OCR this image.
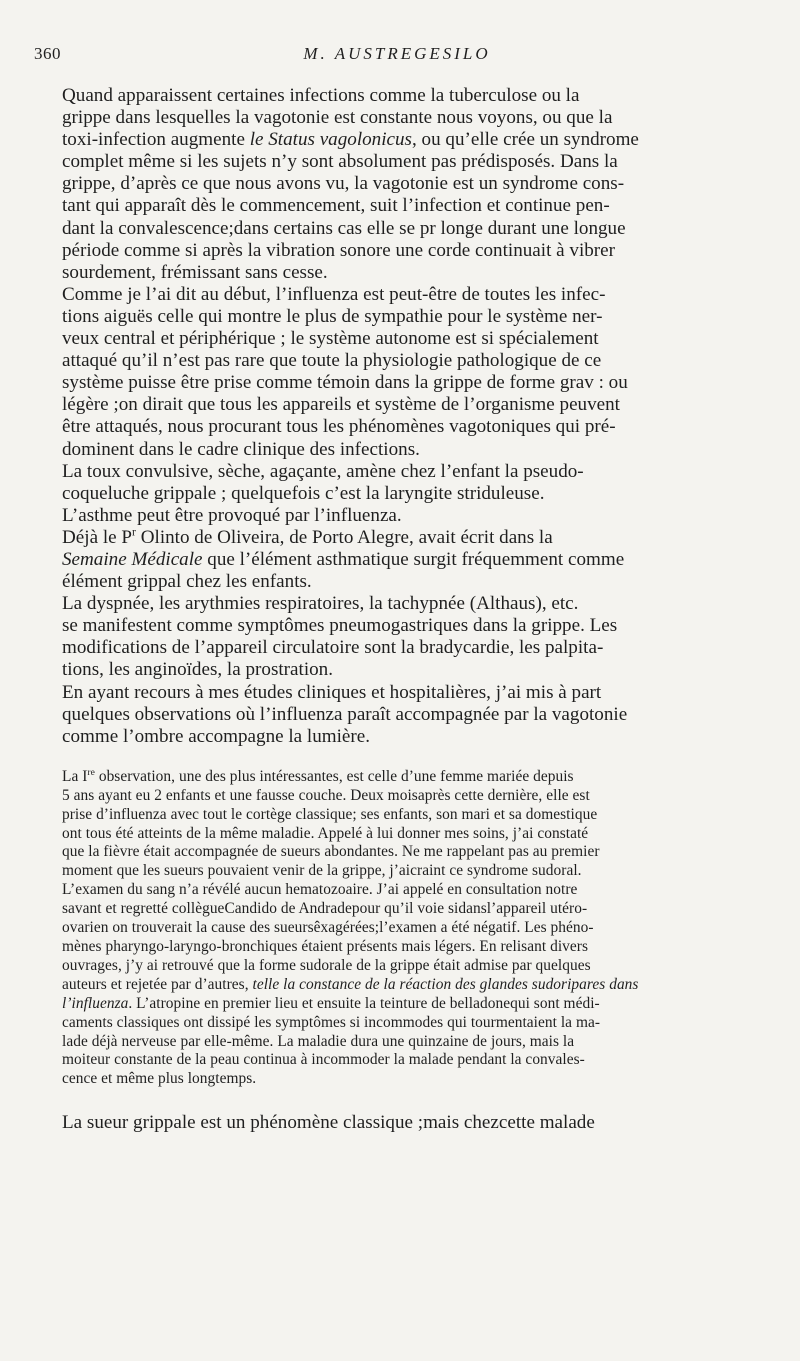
360	M. AUSTREGESILO

Quand apparaissent certaines infections comme la tuberculose ou la
grippe dans lesquelles la vagotonie est constante nous voyons, ou que la
toxi-infection augmente le Status vagolonicus, ou qu’elle crée un syndrome
complet même si les sujets n’y sont absolument pas prédisposés. Dans la
grippe, d’après ce que nous avons vu, la vagotonie est un syndrome cons-
tant qui apparaît dès le commencement, suit l’infection et continue pen-
dant la convalescence;dans certains cas elle se pr longe durant une longue
période comme si après la vibration sonore une corde continuait à vibrer
sourdement, frémissant sans cesse.

Comme je l’ai dit au début, l’influenza est peut-être de toutes les infec-
tions aiguës celle qui montre le plus de sympathie pour le système ner-
veux central et périphérique ; le système autonome est si spécialement
attaqué qu’il n’est pas rare que toute la physiologie pathologique de ce
système puisse être prise comme témoin dans la grippe de forme grav : ou
légère ;on dirait que tous les appareils et système de l’organisme peuvent
être attaqués, nous procurant tous les phénomènes vagotoniques qui pré-
dominent dans le cadre clinique des infections.

La toux convulsive, sèche, agaçante, amène chez l’enfant la pseudo-
coqueluche grippale ; quelquefois c’est la laryngite striduleuse.

L’asthme peut être provoqué par l’influenza.

Déjà le $P^r$ Olinto de Oliveira, de Porto Alegre, avait écrit dans la
Semaine Médicale que l’élément asthmatique surgit fréquemment comme
élément grippal chez les enfants.

La dyspnée, les arythmies respiratoires, la tachypnée (Althaus), etc.
se manifestent comme symptômes pneumogastriques dans la grippe. Les
modifications de l’appareil circulatoire sont la bradycardie, les palpita-
tions, les anginoïdes, la prostration.

En ayant recours à mes études cliniques et hospitalières, j’ai mis à part
quelques observations où l’influenza paraît accompagnée par la vagotonie
comme l’ombre accompagne la lumière.

La Ire observation, une des plus intéressantes, est celle d’une femme mariée depuis
5 ans ayant eu 2 enfants et une fausse couche. Deux moisaprès cette dernière, elle est
prise d’influenza avec tout le cortège classique; ses enfants, son mari et sa domestique
ont tous été atteints de la même maladie. Appelé à lui donner mes soins, j’ai constaté
que la fièvre était accompagnée de sueurs abondantes. Ne me rappelant pas au premier
moment que les sueurs pouvaient venir de la grippe, j’aicraint ce syndrome sudoral.
L’examen du sang n’a révélé aucun hematozoaire. J’ai appelé en consultation notre
savant et regretté collègueCandido de Andradepour qu’il voie sidansl’appareil utéro-
ovarien on trouverait la cause des sueursêxagérées;l’examen a été négatif. Les phéno-
mènes pharyngo-laryngo-bronchiques étaient présents mais légers. En relisant divers
ouvrages, j’y ai retrouvé que la forme sudorale de la grippe était admise par quelques
auteurs et rejetée par d’autres, telle la constance de la réaction des glandes sudoripares dans
l’influenza. L’atropine en premier lieu et ensuite la teinture de belladonequi sont médi-
caments classiques ont dissipé les symptômes si incommodes qui tourmentaient la ma-
lade déjà nerveuse par elle-même. La maladie dura une quinzaine de jours, mais la
moiteur constante de la peau continua à incommoder la malade pendant la convales-
cence et même plus longtemps.

La sueur grippale est un phénomène classique ;mais chezcette malade
